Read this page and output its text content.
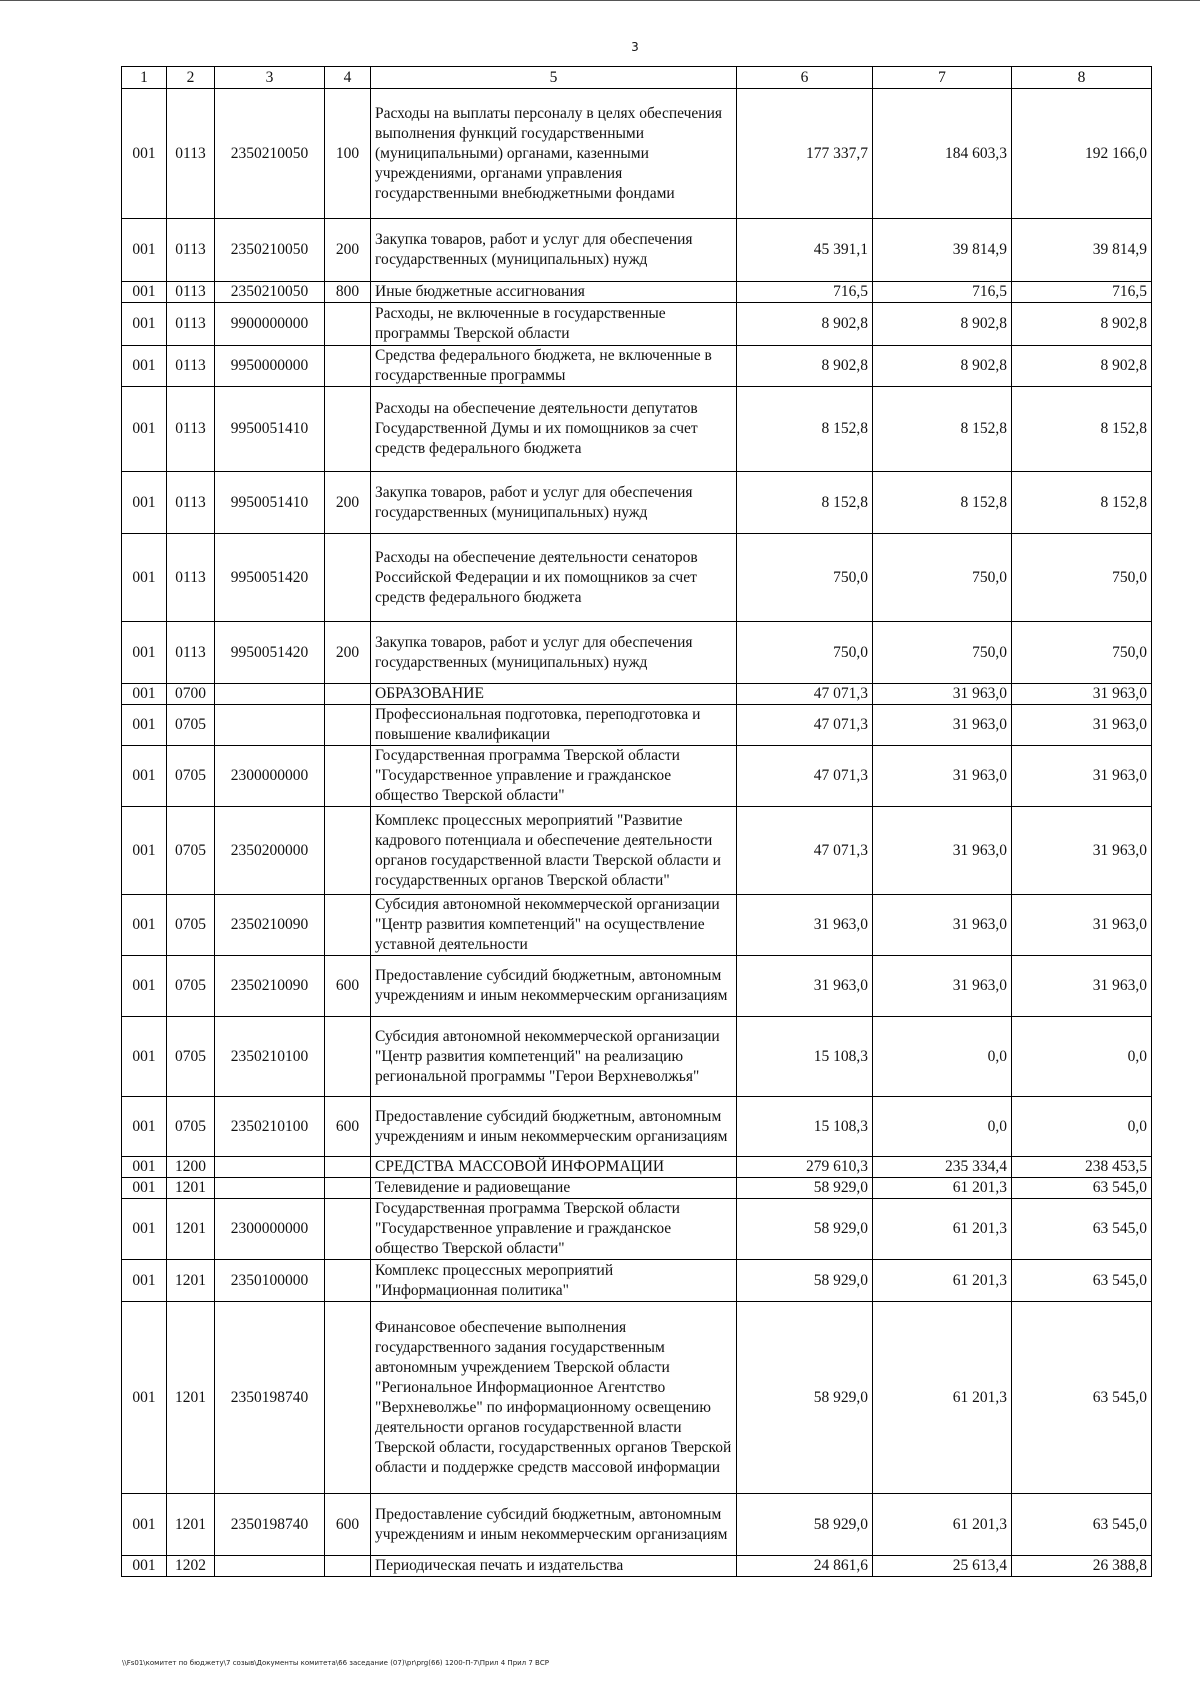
3
1	2	3	4	5	6	7	8
001	0113	2350210050	100	Расходы на выплаты персоналу в целях обеспечения выполнения функций государственными (муниципальными) органами, казенными учреждениями, органами управления государственными внебюджетными фондами	177 337,7	184 603,3	192 166,0
001	0113	2350210050	200	Закупка товаров, работ и услуг для обеспечения государственных (муниципальных) нужд	45 391,1	39 814,9	39 814,9
001	0113	2350210050	800	Иные бюджетные ассигнования	716,5	716,5	716,5
001	0113	9900000000		Расходы, не включенные в государственные программы Тверской области	8 902,8	8 902,8	8 902,8
001	0113	9950000000		Средства федерального бюджета, не включенные в государственные программы	8 902,8	8 902,8	8 902,8
001	0113	9950051410		Расходы на обеспечение деятельности депутатов Государственной Думы и их помощников за счет средств федерального бюджета	8 152,8	8 152,8	8 152,8
001	0113	9950051410	200	Закупка товаров, работ и услуг для обеспечения государственных (муниципальных) нужд	8 152,8	8 152,8	8 152,8
001	0113	9950051420		Расходы на обеспечение деятельности сенаторов Российской Федерации и их помощников за счет средств федерального бюджета	750,0	750,0	750,0
001	0113	9950051420	200	Закупка товаров, работ и услуг для обеспечения государственных (муниципальных) нужд	750,0	750,0	750,0
001	0700			ОБРАЗОВАНИЕ	47 071,3	31 963,0	31 963,0
001	0705			Профессиональная подготовка, переподготовка и повышение квалификации	47 071,3	31 963,0	31 963,0
001	0705	2300000000		Государственная программа Тверской области "Государственное управление и гражданское общество Тверской области"	47 071,3	31 963,0	31 963,0
001	0705	2350200000		Комплекс процессных мероприятий "Развитие кадрового потенциала и обеспечение деятельности органов государственной власти Тверской области и государственных органов Тверской области"	47 071,3	31 963,0	31 963,0
001	0705	2350210090		Субсидия автономной некоммерческой организации "Центр развития компетенций" на осуществление уставной деятельности	31 963,0	31 963,0	31 963,0
001	0705	2350210090	600	Предоставление субсидий бюджетным, автономным учреждениям и иным некоммерческим организациям	31 963,0	31 963,0	31 963,0
001	0705	2350210100		Субсидия автономной некоммерческой организации "Центр развития компетенций" на реализацию региональной программы "Герои Верхневолжья"	15 108,3	0,0	0,0
001	0705	2350210100	600	Предоставление субсидий бюджетным, автономным учреждениям и иным некоммерческим организациям	15 108,3	0,0	0,0
001	1200			СРЕДСТВА МАССОВОЙ ИНФОРМАЦИИ	279 610,3	235 334,4	238 453,5
001	1201			Телевидение и радиовещание	58 929,0	61 201,3	63 545,0
001	1201	2300000000		Государственная программа Тверской области "Государственное управление и гражданское общество Тверской области"	58 929,0	61 201,3	63 545,0
001	1201	2350100000		Комплекс процессных мероприятий "Информационная политика"	58 929,0	61 201,3	63 545,0
001	1201	2350198740		Финансовое обеспечение выполнения государственного задания государственным автономным учреждением Тверской области "Региональное Информационное Агентство "Верхневолжье" по информационному освещению деятельности органов государственной власти Тверской области, государственных органов Тверской области и поддержке средств массовой информации	58 929,0	61 201,3	63 545,0
001	1201	2350198740	600	Предоставление субсидий бюджетным, автономным учреждениям и иным некоммерческим организациям	58 929,0	61 201,3	63 545,0
001	1202			Периодическая печать и издательства	24 861,6	25 613,4	26 388,8
\\Fs01\комитет по бюджету\7 созыв\Документы комитета\66 заседание (07)\pr\prg(66) 1200-П-7\Прил 4 Прил 7 ВСР
